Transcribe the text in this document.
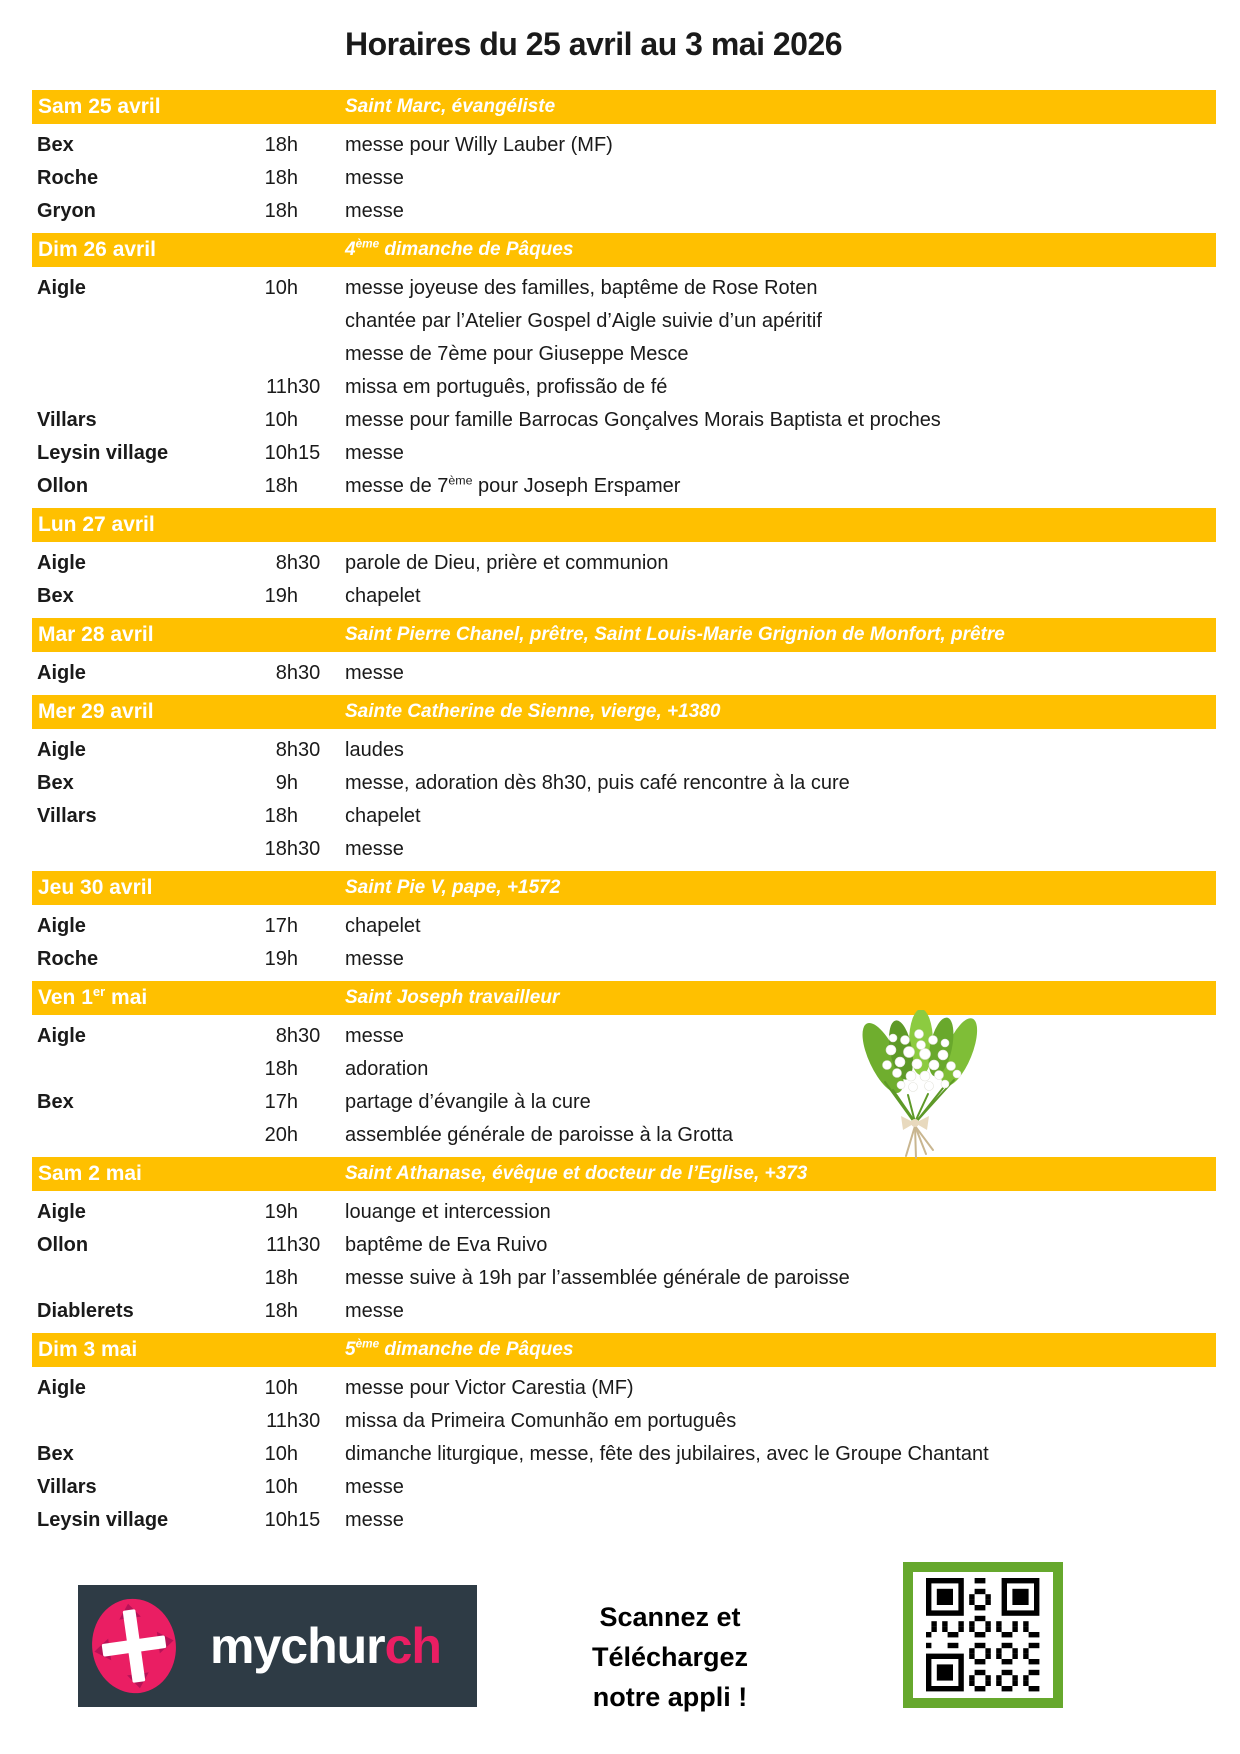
Horaires du 25 avril au 3 mai 2026
Sam 25 avril	Saint Marc, évangéliste
Bex	18h messe pour Willy Lauber (MF)
Roche	18h messe
Gryon	18h messe
Dim 26 avril	4ème dimanche de Pâques
Aigle	10h messe joyeuse des familles, baptême de Rose Roten
chantée par l’Atelier Gospel d’Aigle suivie d’un apéritif
messe de 7ème pour Giuseppe Mesce
11h 30	missa em português, profissão de fé
Villars	10h messe pour famille Barrocas Gonçalves Morais Baptista et proches
Leysin village	10h 15	messe
Ollon	18h messe de 7ème pour Joseph Erspamer
Lun 27 avril
Aigle	8h 30	parole de Dieu, prière et communion
Bex	19h chapelet
Mar 28 avril	Saint Pierre Chanel, prêtre, Saint Louis-Marie Grignion de Monfort, prêtre
Aigle	8h 30	messe
Mer 29 avril	Sainte Catherine de Sienne, vierge, +1380
Aigle	8h 30	laudes
Bex	9h messe, adoration dès 8h30, puis café rencontre à la cure
Villars	18h chapelet
18h 30	messe
Jeu 30 avril	Saint Pie V, pape, +1572
Aigle	17h chapelet
Roche	19h messe
Ven 1er mai	Saint Joseph travailleur
Aigle	8h 30	messe
18h adoration
Bex	17h partage d’évangile à la cure
20h assemblée générale de paroisse à la Grotta
Sam 2 mai	Saint Athanase, évêque et docteur de l’Eglise, +373
Aigle	19h louange et intercession
Ollon	11h 30	baptême de Eva Ruivo
18h messe suive à 19h par l’assemblée générale de paroisse
Diablerets	18h messe
Dim 3 mai	5ème dimanche de Pâques
Aigle	10h messe pour Victor Carestia (MF)
11h 30	missa da Primeira Comunhão em português
Bex	10h dimanche liturgique, messe, fête des jubilaires, avec le Groupe Chantant
Villars	10h messe
Leysin village	10h 15	messe
mychur ch
Scannez et
Téléchargez
notre appli !
